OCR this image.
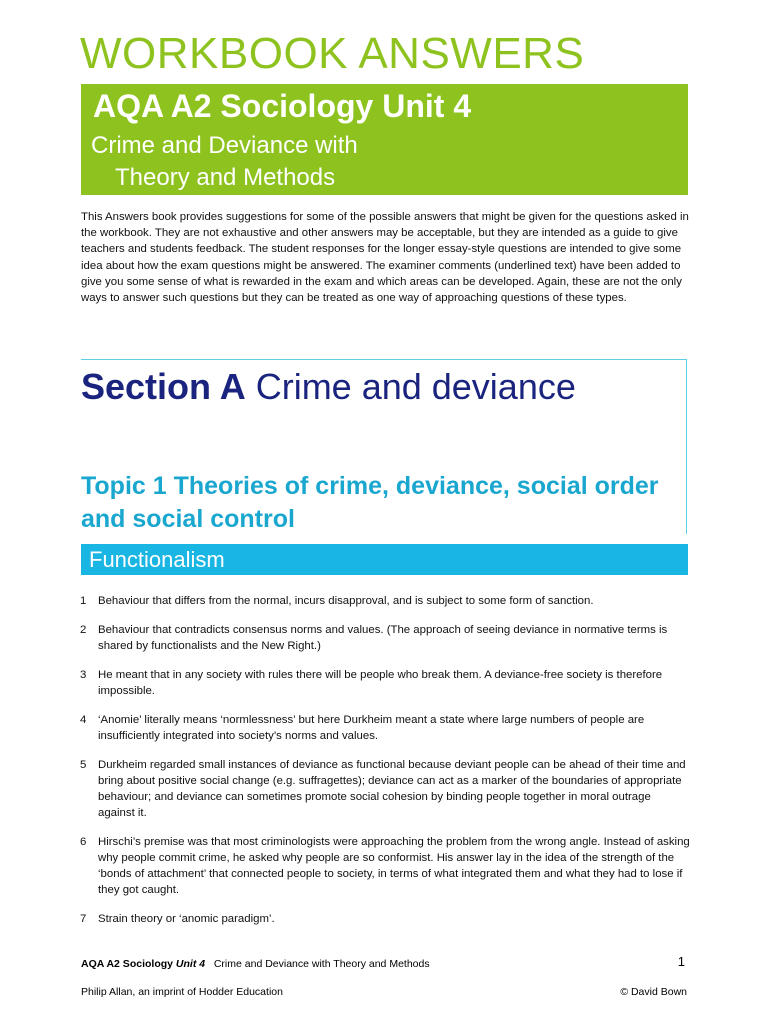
WORKBOOK ANSWERS
AQA A2 Sociology Unit 4
Crime and Deviance with
Theory and Methods

This Answers book provides suggestions for some of the possible answers that might be given for the questions asked in the workbook. They are not exhaustive and other answers may be acceptable, but they are intended as a guide to give teachers and students feedback. The student responses for the longer essay-style questions are intended to give some idea about how the exam questions might be answered. The examiner comments (underlined text) have been added to give you some sense of what is rewarded in the exam and which areas can be developed. Again, these are not the only ways to answer such questions but they can be treated as one way of approaching questions of these types.

Section A Crime and deviance
Topic 1 Theories of crime, deviance, social order and social control
Functionalism
1	Behaviour that differs from the normal, incurs disapproval, and is subject to some form of sanction.
2	Behaviour that contradicts consensus norms and values. (The approach of seeing deviance in normative terms is shared by functionalists and the New Right.)
3	He meant that in any society with rules there will be people who break them. A deviance-free society is therefore impossible.
4	‘Anomie’ literally means ‘normlessness’ but here Durkheim meant a state where large numbers of people are insufficiently integrated into society’s norms and values.
5	Durkheim regarded small instances of deviance as functional because deviant people can be ahead of their time and bring about positive social change (e.g. suffragettes); deviance can act as a marker of the boundaries of appropriate behaviour; and deviance can sometimes promote social cohesion by binding people together in moral outrage against it.
6	Hirschi’s premise was that most criminologists were approaching the problem from the wrong angle. Instead of asking why people commit crime, he asked why people are so conformist. His answer lay in the idea of the strength of the ‘bonds of attachment’ that connected people to society, in terms of what integrated them and what they had to lose if they got caught.
7	Strain theory or ‘anomic paradigm’.
AQA A2 Sociology Unit 4 Crime and Deviance with Theory and Methods	1
Philip Allan, an imprint of Hodder Education	© David Bown
